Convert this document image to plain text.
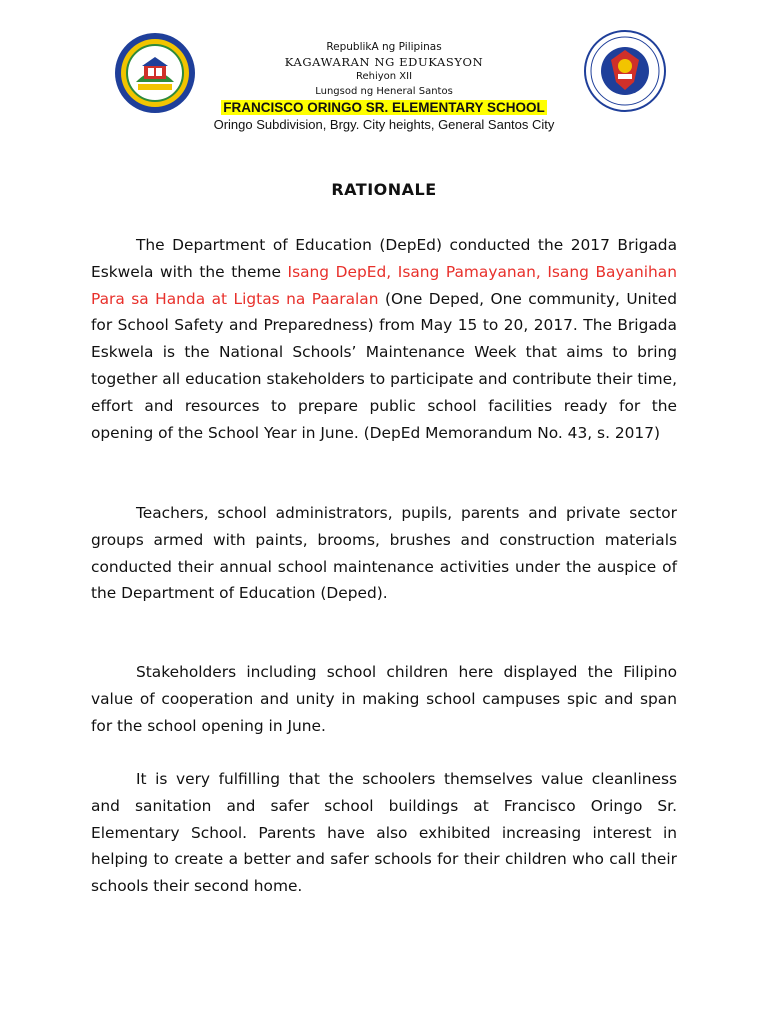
RepublikA ng Pilipinas
KAGAWARAN NG EDUKASYON
Rehiyon XII
Lungsod ng Heneral Santos
FRANCISCO ORINGO SR. ELEMENTARY SCHOOL
Oringo Subdivision, Brgy. City heights, General Santos City
RATIONALE

The Department of Education (DepEd) conducted the 2017 Brigada Eskwela with the theme Isang DepEd, Isang Pamayanan, Isang Bayanihan Para sa Handa at Ligtas na Paaralan (One Deped, One community, United for School Safety and Preparedness) from May 15 to 20, 2017. The Brigada Eskwela is the National Schools’ Maintenance Week that aims to bring together all education stakeholders to participate and contribute their time, effort and resources to prepare public school facilities ready for the opening of the School Year in June. (DepEd Memorandum No. 43, s. 2017)

Teachers, school administrators, pupils, parents and private sector groups armed with paints, brooms, brushes and construction materials conducted their annual school maintenance activities under the auspice of the Department of Education (Deped).

Stakeholders including school children here displayed the Filipino value of cooperation and unity in making school campuses spic and span for the school opening in June.

It is very fulfilling that the schoolers themselves value cleanliness and sanitation and safer school buildings at Francisco Oringo Sr. Elementary School. Parents have also exhibited increasing interest in helping to create a better and safer schools for their children who call their schools their second home.
